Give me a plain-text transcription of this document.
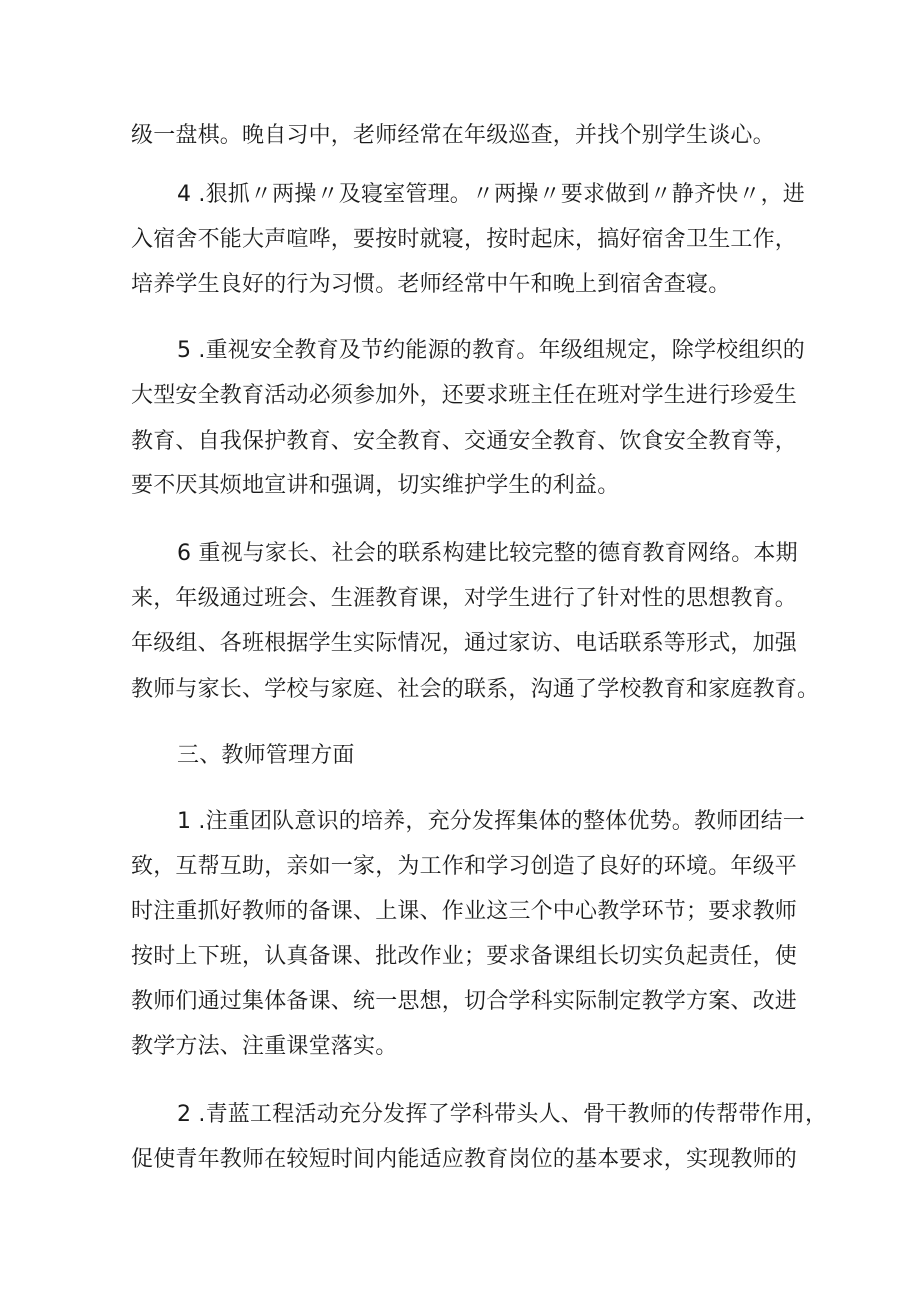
级一盘棋。晚自习中，老师经常在年级巡查，并找个别学生谈心。
4 .狠抓〃两操〃及寝室管理。〃两操〃要求做到〃静齐快〃，进
入宿舍不能大声喧哗，要按时就寝，按时起床，搞好宿舍卫生工作，
培养学生良好的行为习惯。老师经常中午和晚上到宿舍查寝。
5 .重视安全教育及节约能源的教育。年级组规定，除学校组织的
大型安全教育活动必须参加外，还要求班主任在班对学生进行珍爱生
教育、自我保护教育、安全教育、交通安全教育、饮食安全教育等，
要不厌其烦地宣讲和强调，切实维护学生的利益。
6 重视与家长、社会的联系构建比较完整的德育教育网络。本期
来，年级通过班会、生涯教育课，对学生进行了针对性的思想教育。
年级组、各班根据学生实际情况，通过家访、电话联系等形式，加强
教师与家长、学校与家庭、社会的联系，沟通了学校教育和家庭教育。
三、教师管理方面
1 .注重团队意识的培养，充分发挥集体的整体优势。教师团结一
致，互帮互助，亲如一家，为工作和学习创造了良好的环境。年级平
时注重抓好教师的备课、上课、作业这三个中心教学环节；要求教师
按时上下班，认真备课、批改作业；要求备课组长切实负起责任，使
教师们通过集体备课、统一思想，切合学科实际制定教学方案、改进
教学方法、注重课堂落实。
2 .青蓝工程活动充分发挥了学科带头人、骨干教师的传帮带作用，
促使青年教师在较短时间内能适应教育岗位的基本要求，实现教师的
